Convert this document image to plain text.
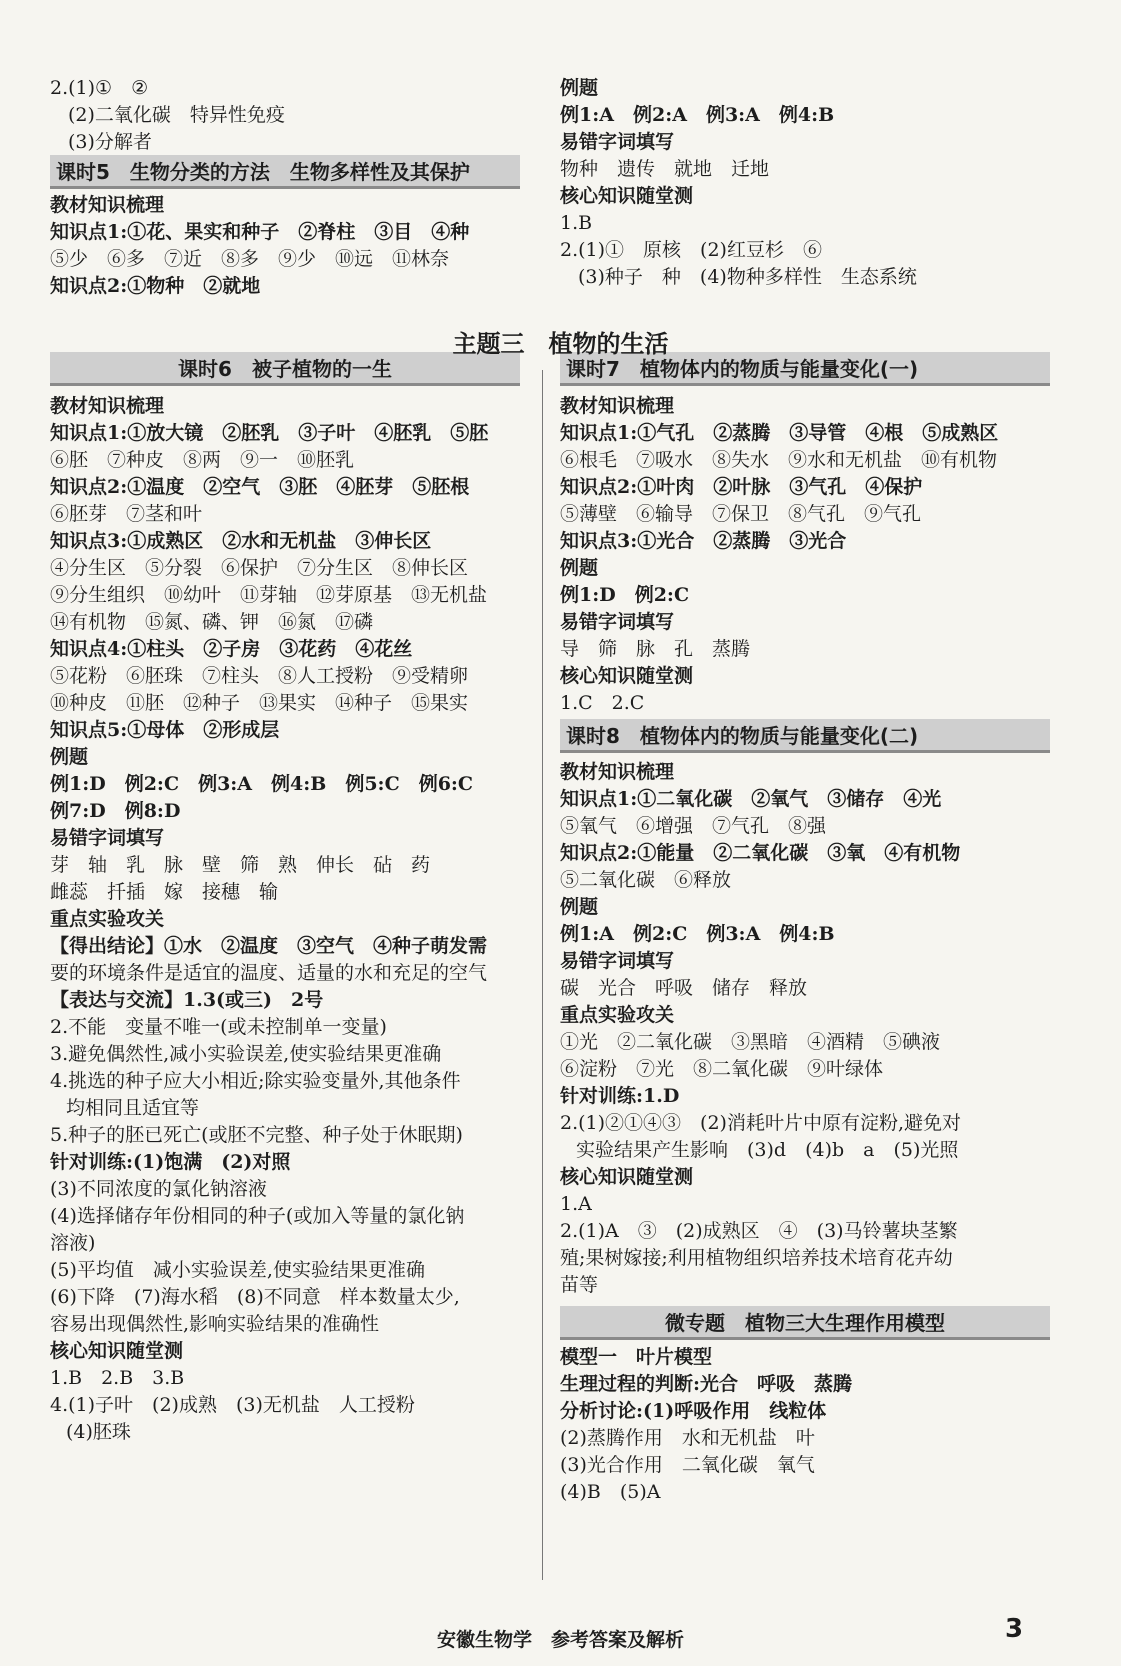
2.(1)①　②
(2)二氧化碳　特异性免疫
(3)分解者
课时5　生物分类的方法　生物多样性及其保护
教材知识梳理
知识点1:①花、果实和种子　②脊柱　③目　④种
⑤少　⑥多　⑦近　⑧多　⑨少　⑩远　⑪林奈
知识点2:①物种　②就地
课时6　被子植物的一生
教材知识梳理
知识点1:①放大镜　②胚乳　③子叶　④胚乳　⑤胚
⑥胚　⑦种皮　⑧两　⑨一　⑩胚乳
知识点2:①温度　②空气　③胚　④胚芽　⑤胚根
⑥胚芽　⑦茎和叶
知识点3:①成熟区　②水和无机盐　③伸长区
④分生区　⑤分裂　⑥保护　⑦分生区　⑧伸长区
⑨分生组织　⑩幼叶　⑪芽轴　⑫芽原基　⑬无机盐
⑭有机物　⑮氮、磷、钾　⑯氮　⑰磷
知识点4:①柱头　②子房　③花药　④花丝
⑤花粉　⑥胚珠　⑦柱头　⑧人工授粉　⑨受精卵
⑩种皮　⑪胚　⑫种子　⑬果实　⑭种子　⑮果实
知识点5:①母体　②形成层
例题
例1:D　例2:C　例3:A　例4:B　例5:C　例6:C
例7:D　例8:D
易错字词填写
芽　轴　乳　脉　壁　筛　熟　伸长　砧　药
雌蕊　扦插　嫁　接穗　输
重点实验攻关
【得出结论】①水　②温度　③空气　④种子萌发需
要的环境条件是适宜的温度、适量的水和充足的空气
【表达与交流】1.3(或三)　2号
2.不能　变量不唯一(或未控制单一变量)
3.避免偶然性,减小实验误差,使实验结果更准确
4.挑选的种子应大小相近;除实验变量外,其他条件
均相同且适宜等
5.种子的胚已死亡(或胚不完整、种子处于休眠期)
针对训练:(1)饱满　(2)对照
(3)不同浓度的氯化钠溶液
(4)选择储存年份相同的种子(或加入等量的氯化钠
溶液)
(5)平均值　减小实验误差,使实验结果更准确
(6)下降　(7)海水稻　(8)不同意　样本数量太少,
容易出现偶然性,影响实验结果的准确性
核心知识随堂测
1.B　2.B　3.B
4.(1)子叶　(2)成熟　(3)无机盐　人工授粉
(4)胚珠
例题
例1:A　例2:A　例3:A　例4:B
易错字词填写
物种　遗传　就地　迁地
核心知识随堂测
1.B
2.(1)①　原核　(2)红豆杉　⑥
(3)种子　种　(4)物种多样性　生态系统
课时7　植物体内的物质与能量变化(一)
教材知识梳理
知识点1:①气孔　②蒸腾　③导管　④根　⑤成熟区
⑥根毛　⑦吸水　⑧失水　⑨水和无机盐　⑩有机物
知识点2:①叶肉　②叶脉　③气孔　④保护
⑤薄壁　⑥输导　⑦保卫　⑧气孔　⑨气孔
知识点3:①光合　②蒸腾　③光合
例题
例1:D　例2:C
易错字词填写
导　筛　脉　孔　蒸腾
核心知识随堂测
1.C　2.C
课时8　植物体内的物质与能量变化(二)
教材知识梳理
知识点1:①二氧化碳　②氧气　③储存　④光
⑤氧气　⑥增强　⑦气孔　⑧强
知识点2:①能量　②二氧化碳　③氧　④有机物
⑤二氧化碳　⑥释放
例题
例1:A　例2:C　例3:A　例4:B
易错字词填写
碳　光合　呼吸　储存　释放
重点实验攻关
①光　②二氧化碳　③黑暗　④酒精　⑤碘液
⑥淀粉　⑦光　⑧二氧化碳　⑨叶绿体
针对训练:1.D
2.(1)②①④③　(2)消耗叶片中原有淀粉,避免对
实验结果产生影响　(3)d　(4)b　a　(5)光照
核心知识随堂测
1.A
2.(1)A　③　(2)成熟区　④　(3)马铃薯块茎繁
殖;果树嫁接;利用植物组织培养技术培育花卉幼
苗等
微专题　植物三大生理作用模型
模型一　叶片模型
生理过程的判断:光合　呼吸　蒸腾
分析讨论:(1)呼吸作用　线粒体
(2)蒸腾作用　水和无机盐　叶
(3)光合作用　二氧化碳　氧气
(4)B　(5)A
主题三　植物的生活
安徽生物学　参考答案及解析	3
